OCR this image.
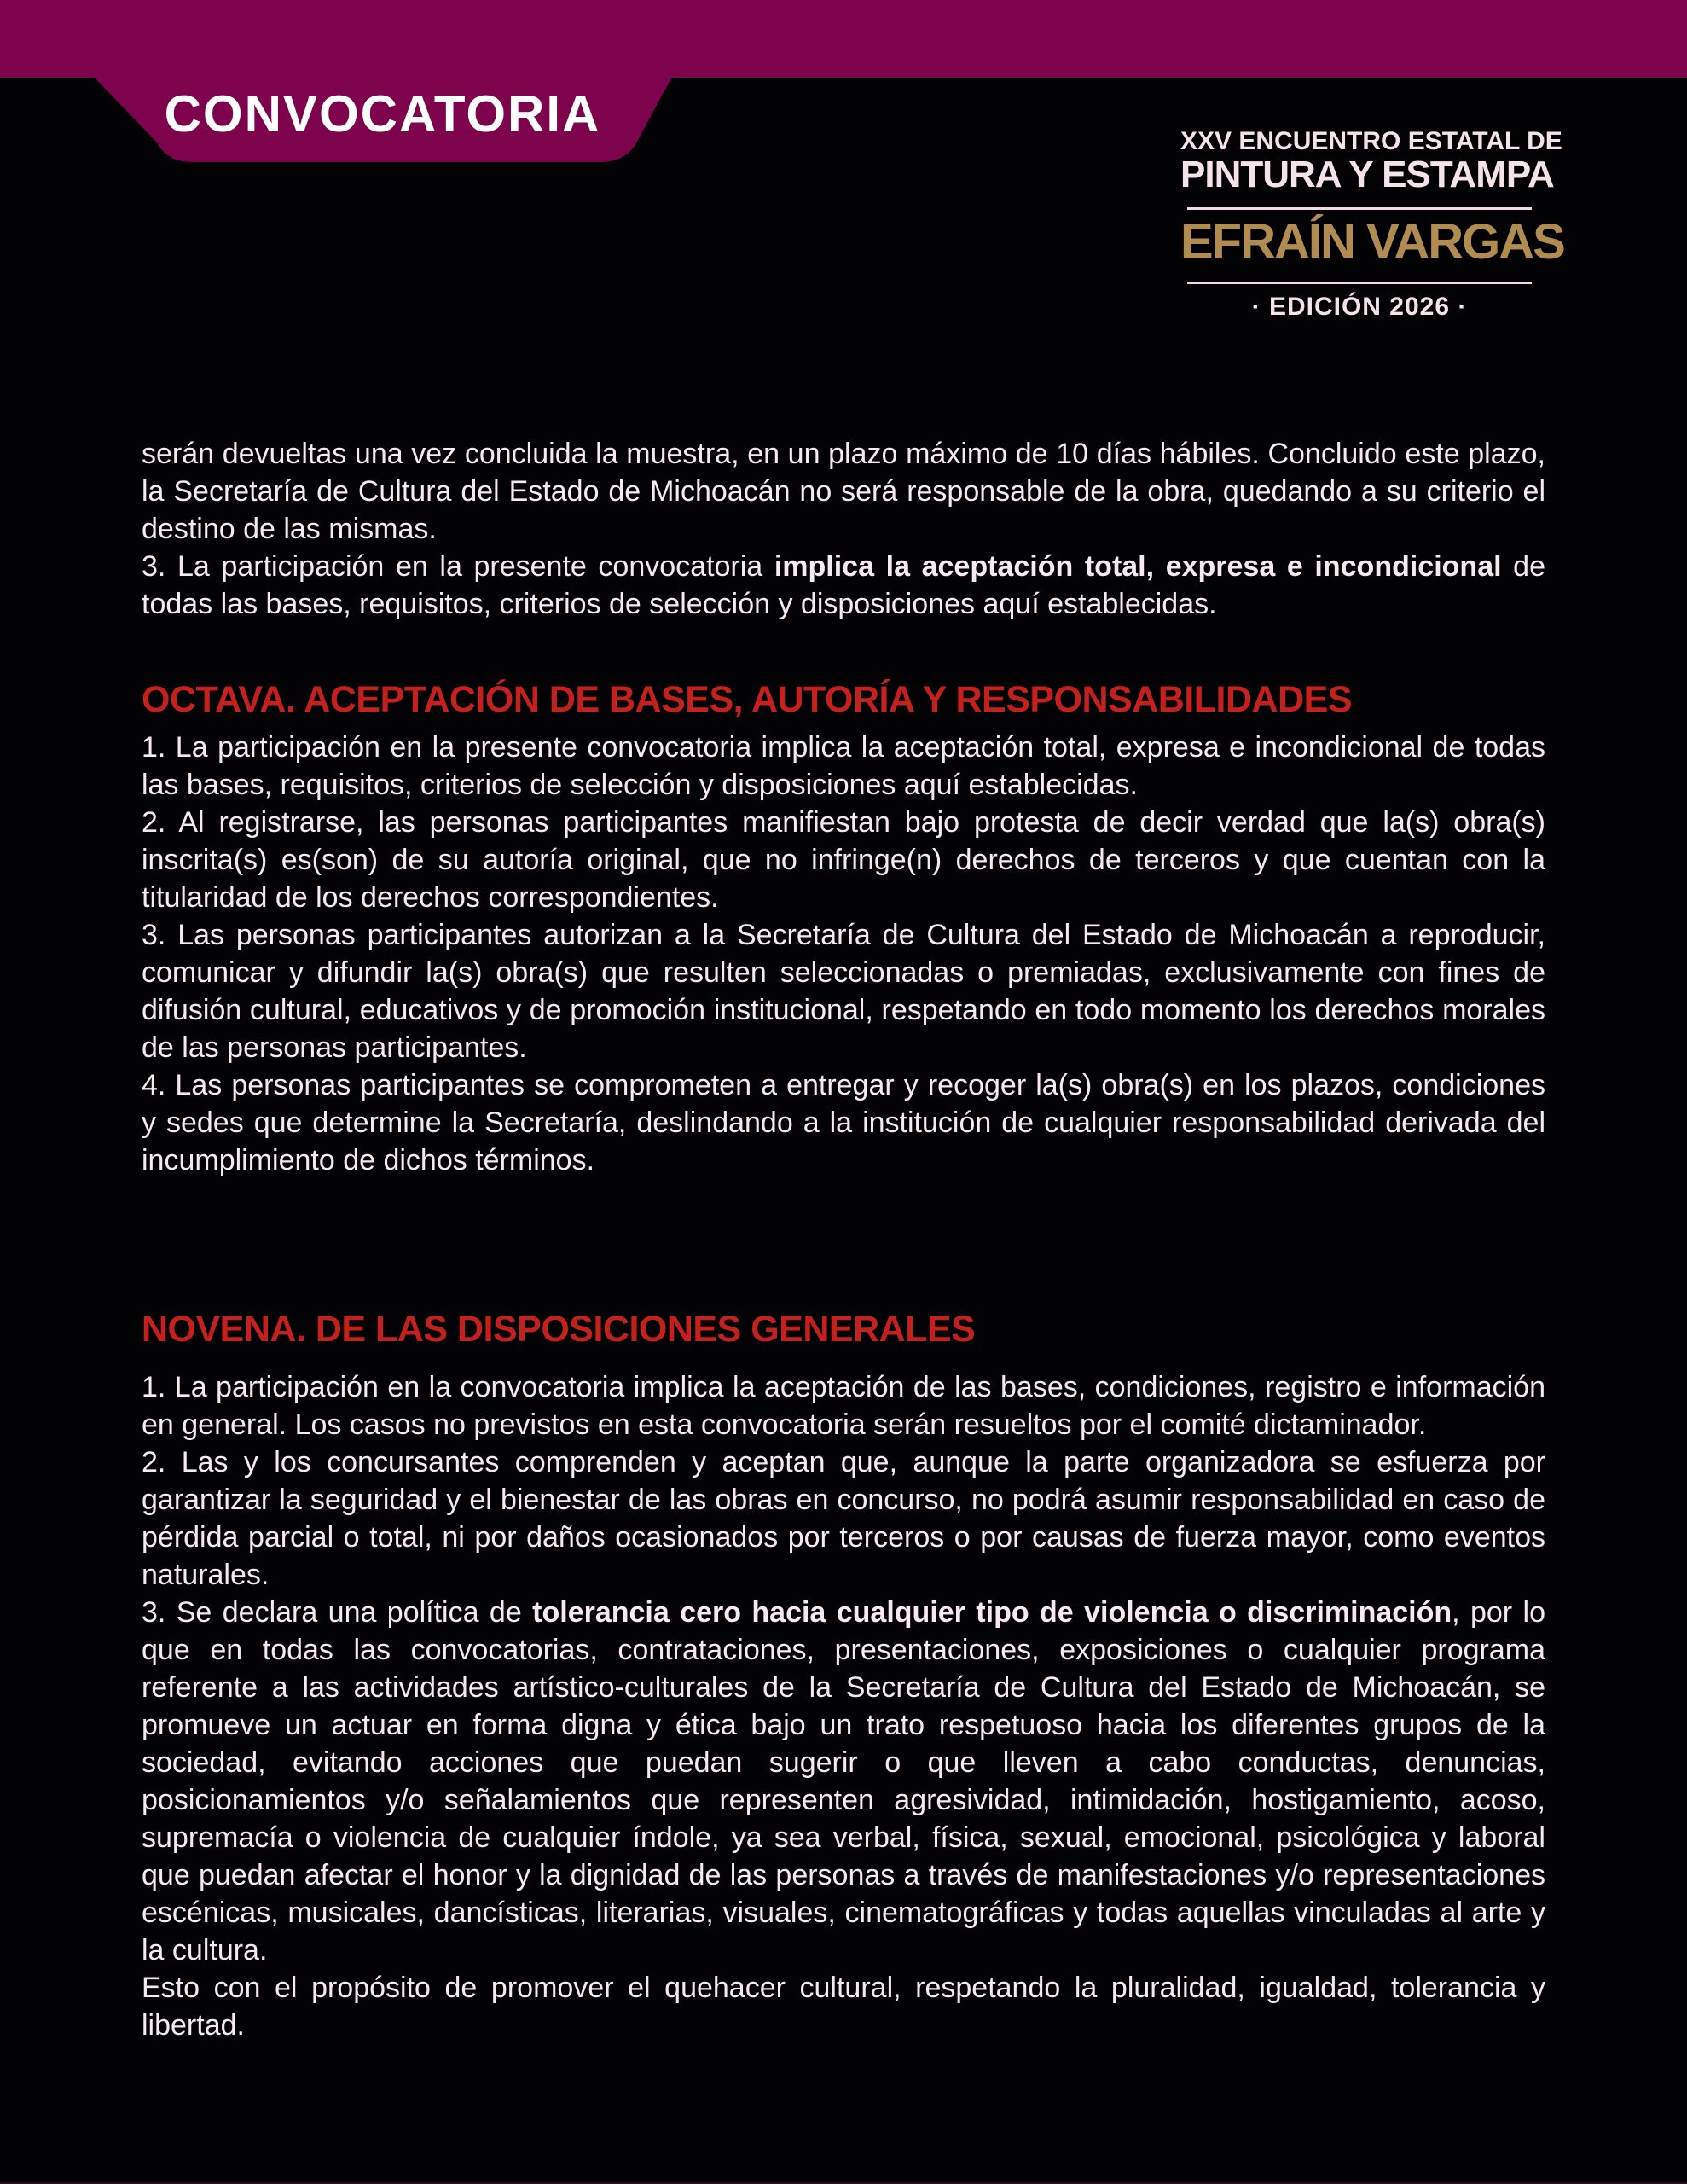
CONVOCATORIA	XXV ENCUENTRO ESTATAL DE
PINTURA Y ESTAMPA
EFRAÍN VARGAS
· EDICIÓN 2026 ·

serán devueltas una vez concluida la muestra, en un plazo máximo de 10 días hábiles. Concluido este plazo, la Secretaría de Cultura del Estado de Michoacán no será responsable de la obra, quedando a su criterio el destino de las mismas.

3. La participación en la presente convocatoria implica la aceptación total, expresa e incondicional de todas las bases, requisitos, criterios de selección y disposiciones aquí establecidas.

OCTAVA. ACEPTACIÓN DE BASES, AUTORÍA Y RESPONSABILIDADES

1. La participación en la presente convocatoria implica la aceptación total, expresa e incondicional de todas las bases, requisitos, criterios de selección y disposiciones aquí establecidas.

2. Al registrarse, las personas participantes manifiestan bajo protesta de decir verdad que la(s) obra(s) inscrita(s) es(son) de su autoría original, que no infringe(n) derechos de terceros y que cuentan con la titularidad de los derechos correspondientes.

3. Las personas participantes autorizan a la Secretaría de Cultura del Estado de Michoacán a reproducir, comunicar y difundir la(s) obra(s) que resulten seleccionadas o premiadas, exclusivamente con fines de difusión cultural, educativos y de promoción institucional, respetando en todo momento los derechos morales de las personas participantes.

4. Las personas participantes se comprometen a entregar y recoger la(s) obra(s) en los plazos, condiciones y sedes que determine la Secretaría, deslindando a la institución de cualquier responsabilidad derivada del incumplimiento de dichos términos.

NOVENA. DE LAS DISPOSICIONES GENERALES

1. La participación en la convocatoria implica la aceptación de las bases, condiciones, registro e información en general. Los casos no previstos en esta convocatoria serán resueltos por el comité dictaminador.

2. Las y los concursantes comprenden y aceptan que, aunque la parte organizadora se esfuerza por garantizar la seguridad y el bienestar de las obras en concurso, no podrá asumir responsabilidad en caso de pérdida parcial o total, ni por daños ocasionados por terceros o por causas de fuerza mayor, como eventos naturales.

3. Se declara una política de tolerancia cero hacia cualquier tipo de violencia o discriminación, por lo que en todas las convocatorias, contrataciones, presentaciones, exposiciones o cualquier programa referente a las actividades artístico-culturales de la Secretaría de Cultura del Estado de Michoacán, se promueve un actuar en forma digna y ética bajo un trato respetuoso hacia los diferentes grupos de la sociedad, evitando acciones que puedan sugerir o que lleven a cabo conductas, denuncias, posicionamientos y/o señalamientos que representen agresividad, intimidación, hostigamiento, acoso, supremacía o violencia de cualquier índole, ya sea verbal, física, sexual, emocional, psicológica y laboral que puedan afectar el honor y la dignidad de las personas a través de manifestaciones y/o representaciones escénicas, musicales, dancísticas, literarias, visuales, cinematográficas y todas aquellas vinculadas al arte y la cultura.

Esto con el propósito de promover el quehacer cultural, respetando la pluralidad, igualdad, tolerancia y libertad.
